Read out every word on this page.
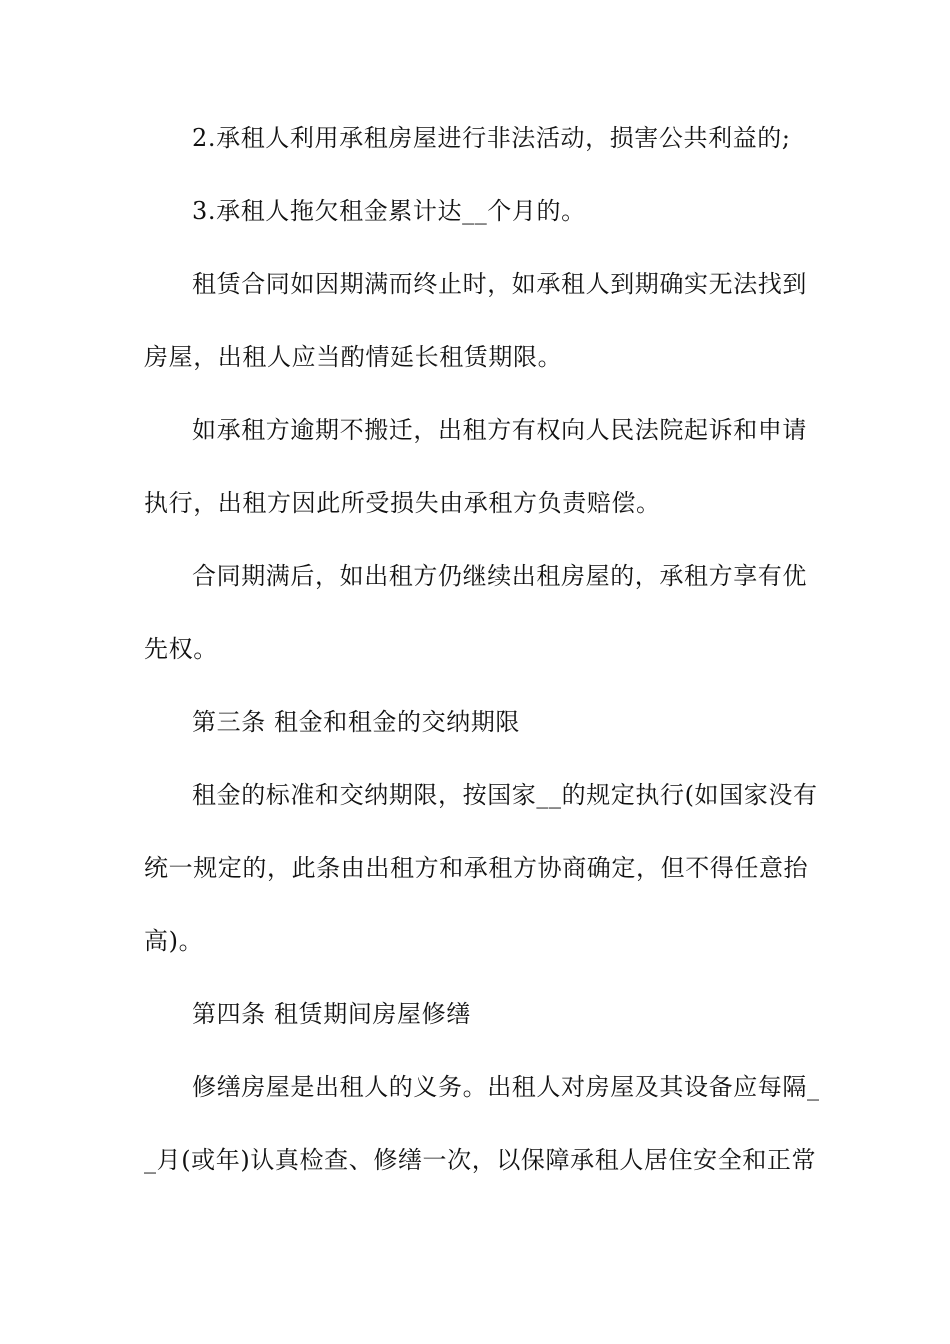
2.承租人利用承租房屋进行非法活动，损害公共利益的;
3.承租人拖欠租金累计达__个月的。
租赁合同如因期满而终止时，如承租人到期确实无法找到
房屋，出租人应当酌情延长租赁期限。
如承租方逾期不搬迁，出租方有权向人民法院起诉和申请
执行，出租方因此所受损失由承租方负责赔偿。
合同期满后，如出租方仍继续出租房屋的，承租方享有优
先权。
第三条 租金和租金的交纳期限
租金的标准和交纳期限，按国家__的规定执行(如国家没有
统一规定的，此条由出租方和承租方协商确定，但不得任意抬
高)。
第四条 租赁期间房屋修缮
修缮房屋是出租人的义务。出租人对房屋及其设备应每隔_
_月(或年)认真检查、修缮一次，以保障承租人居住安全和正常
